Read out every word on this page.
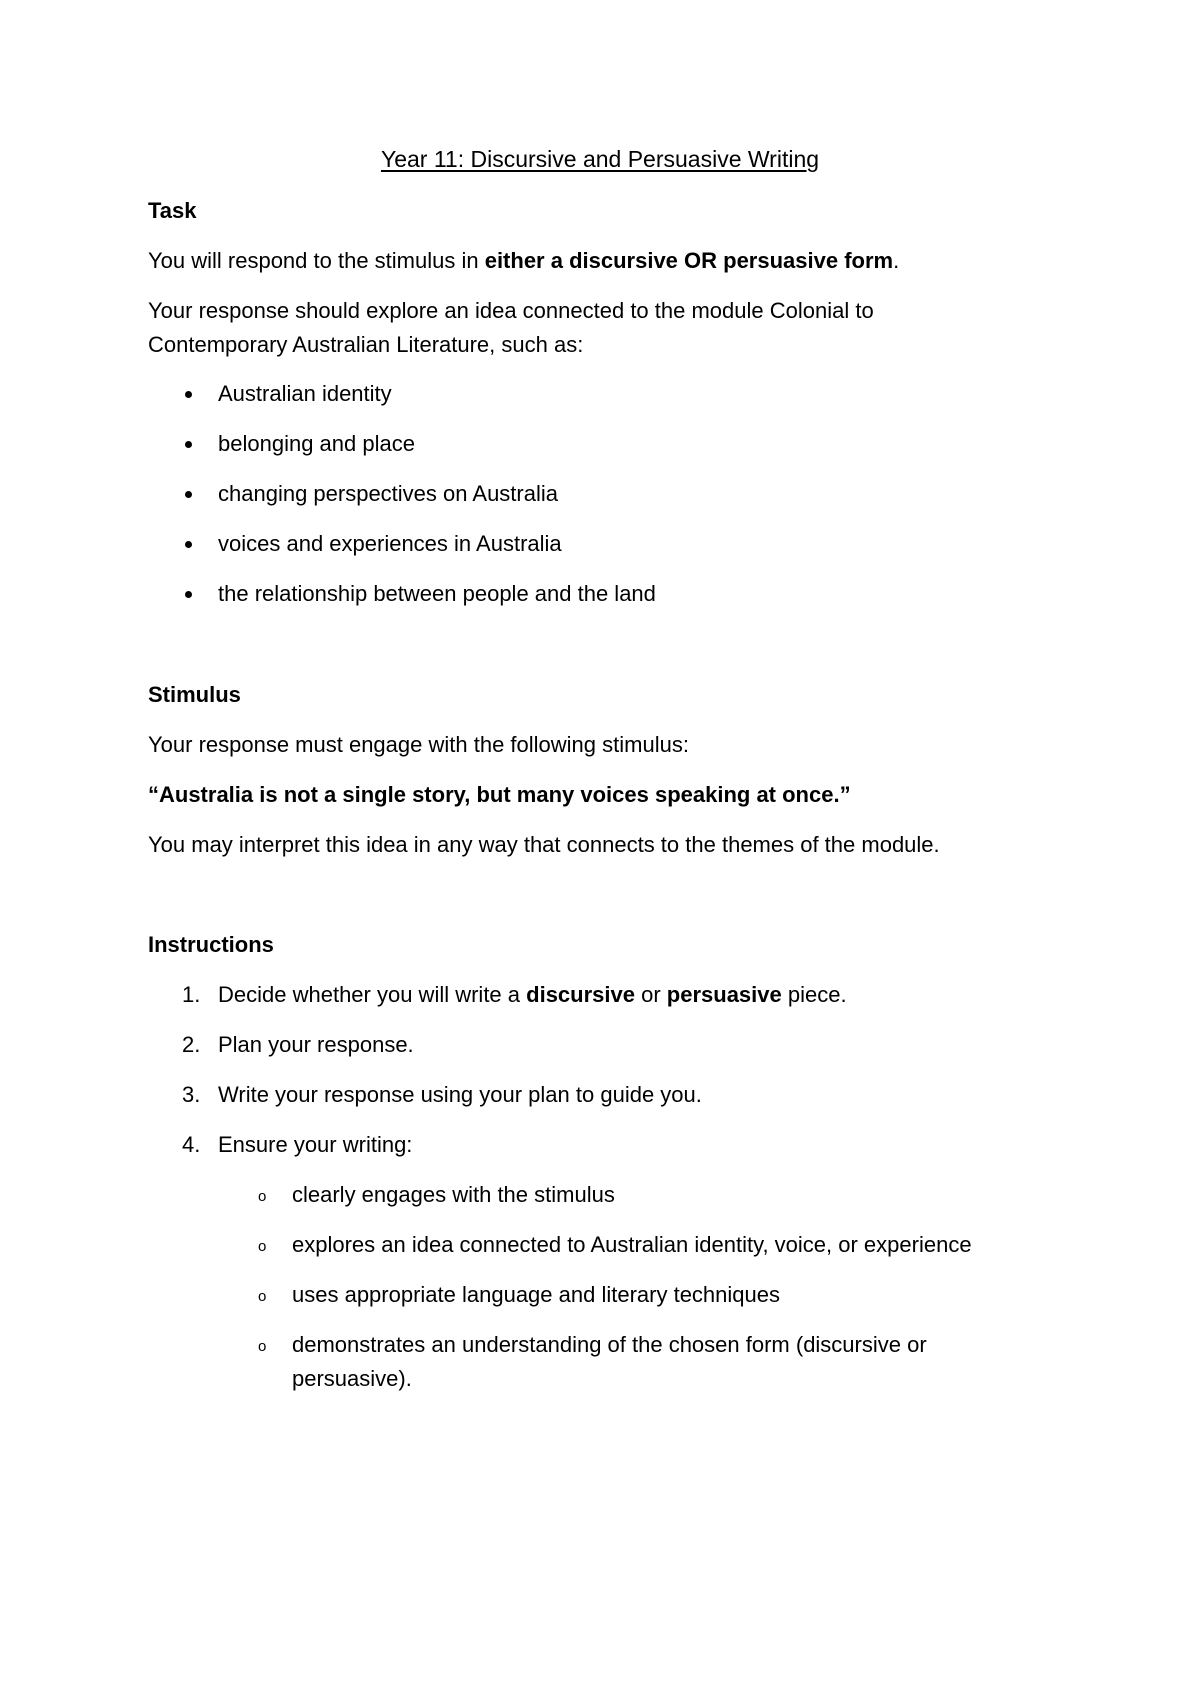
Year 11: Discursive and Persuasive Writing
Task
You will respond to the stimulus in either a discursive OR persuasive form.
Your response should explore an idea connected to the module Colonial to
Contemporary Australian Literature, such as:
Australian identity
belonging and place
changing perspectives on Australia
voices and experiences in Australia
the relationship between people and the land
Stimulus
Your response must engage with the following stimulus:
“Australia is not a single story, but many voices speaking at once.”
You may interpret this idea in any way that connects to the themes of the module.
Instructions
1. Decide whether you will write a discursive or persuasive piece.
2. Plan your response.
3. Write your response using your plan to guide you.
4. Ensure your writing:
o clearly engages with the stimulus
o explores an idea connected to Australian identity, voice, or experience
o uses appropriate language and literary techniques
o demonstrates an understanding of the chosen form (discursive or
persuasive).
